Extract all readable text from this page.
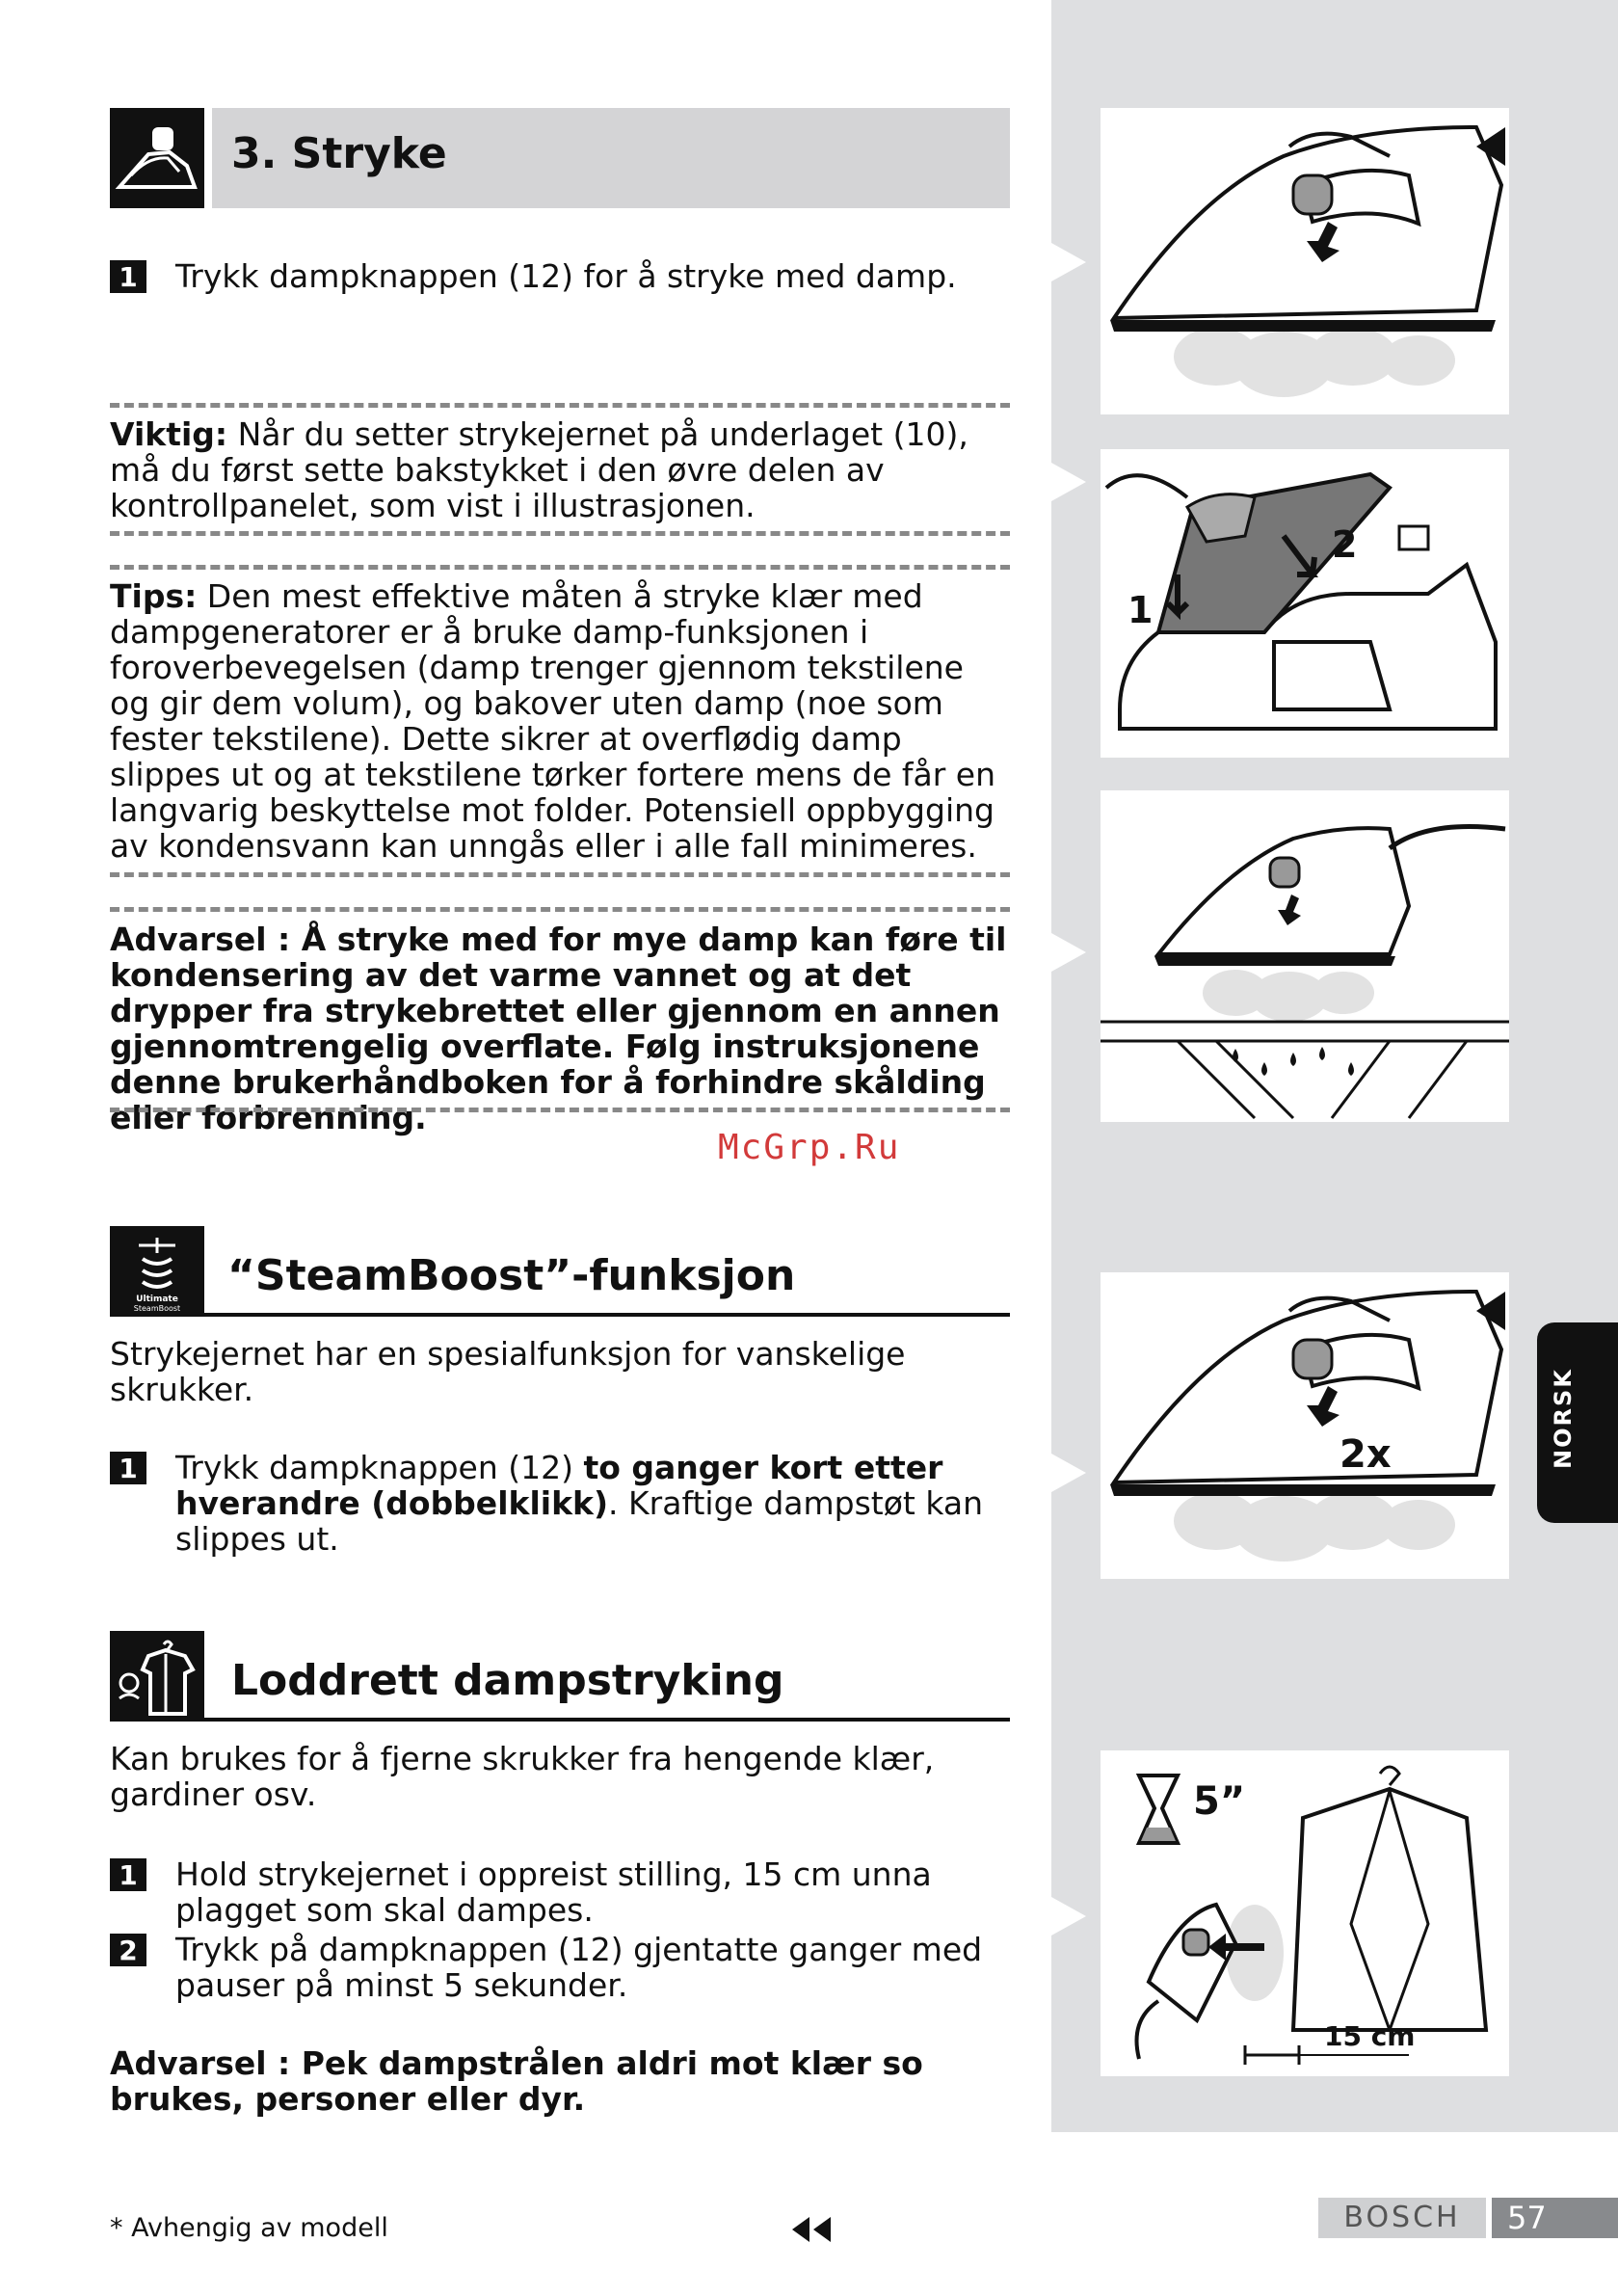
3. Stryke
1 Trykk dampknappen (12) for å stryke med damp.
Viktig: Når du setter strykejernet på underlaget (10), må du først sette bakstykket i den øvre delen av kontrollpanelet, som vist i illustrasjonen.
Tips: Den mest effektive måten å stryke klær med dampgeneratorer er å bruke damp-funksjonen i foroverbevegelsen (damp trenger gjennom tekstilene og gir dem volum), og bakover uten damp (noe som fester tekstilene). Dette sikrer at overflødig damp slippes ut og at tekstilene tørker fortere mens de får en langvarig beskyttelse mot folder. Potensiell oppbygging av kondensvann kan unngås eller i alle fall minimeres.
Advarsel : Å stryke med for mye damp kan føre til kondensering av det varme vannet og at det drypper fra strykebrettet eller gjennom en annen gjennomtrengelig overflate. Følg instruksjonene denne brukerhåndboken for å forhindre skålding eller forbrenning.
McGrp.Ru
Ultimate
SteamBoost
“SteamBoost”-funksjon
Strykejernet har en spesialfunksjon for vanskelige skrukker.
1 Trykk dampknappen (12) to ganger kort etter hverandre (dobbelklikk). Kraftige dampstøt kan slippes ut.
Loddrett dampstryking
Kan brukes for å fjerne skrukker fra hengende klær, gardiner osv.
1 Hold strykejernet i oppreist stilling, 15 cm unna plagget som skal dampes.
2 Trykk på dampknappen (12) gjentatte ganger med pauser på minst 5 sekunder.
Advarsel : Pek dampstrålen aldri mot klær so brukes, personer eller dyr.
1
2
2x
5”
15 cm
NORSK
* Avhengig av modell	BOSCH	57
